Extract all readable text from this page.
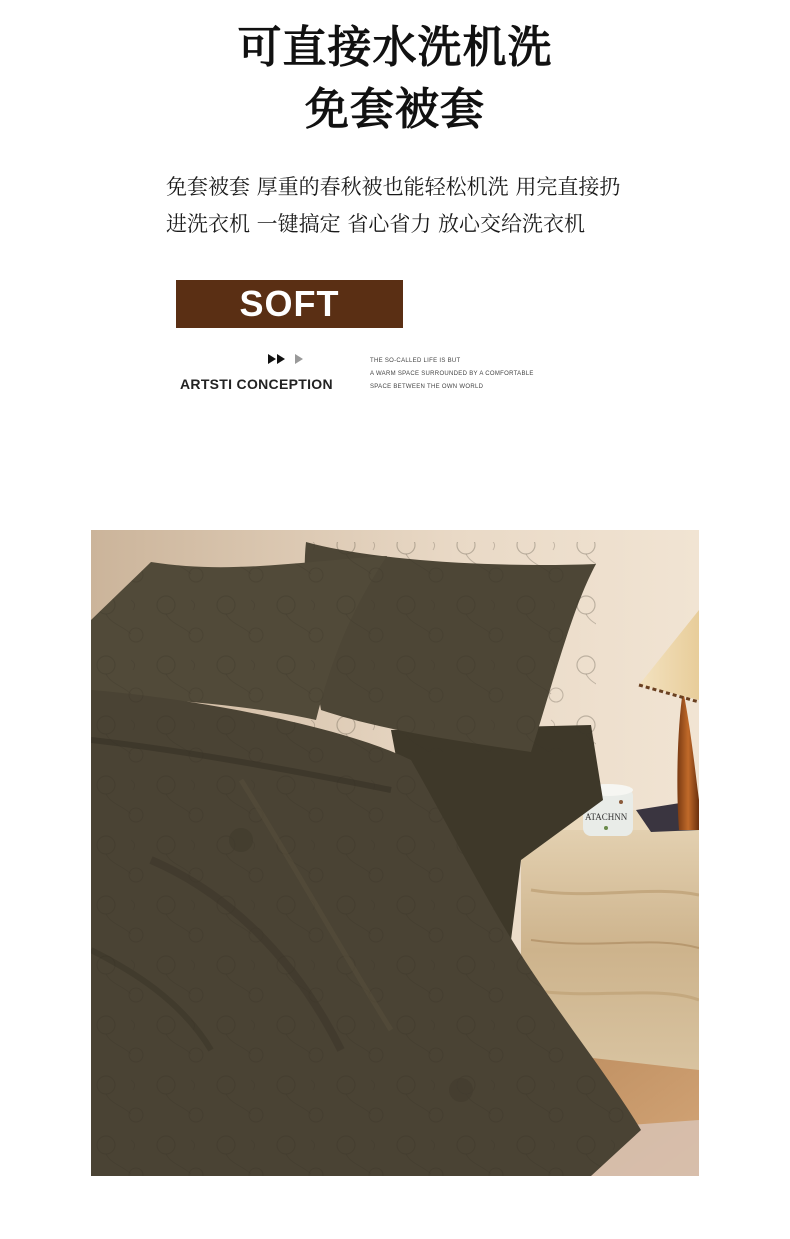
可直接水洗机洗
免套被套
免套被套 厚重的春秋被也能轻松机洗 用完直接扔
进洗衣机 一键搞定 省心省力 放心交给洗衣机
SOFT
ARTSTI CONCEPTION
THE SO-CALLED LIFE IS BUT
A WARM SPACE SURROUNDED BY A COMFORTABLE
SPACE BETWEEN THE OWN WORLD
ATACHNN
